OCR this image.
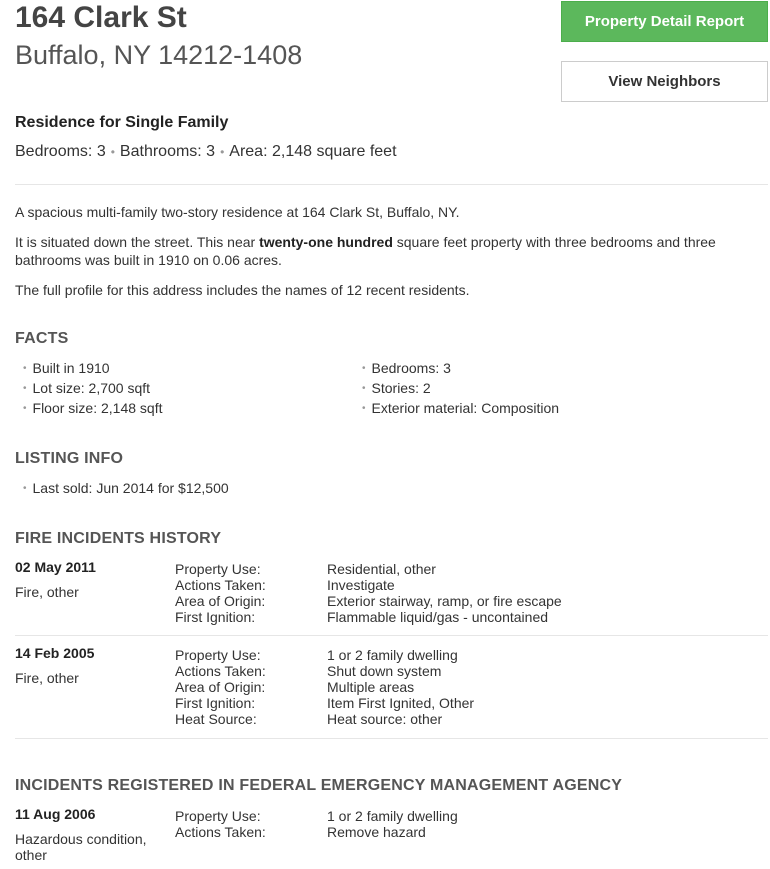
164 Clark St
Buffalo, NY 14212-1408
Property Detail Report
View Neighbors
Residence for Single Family
Bedrooms: 3 • Bathrooms: 3 • Area: 2,148 square feet
A spacious multi-family two-story residence at 164 Clark St, Buffalo, NY.
It is situated down the street. This near twenty-one hundred square feet property with three bedrooms and three bathrooms was built in 1910 on 0.06 acres.
The full profile for this address includes the names of 12 recent residents.
FACTS
• Built in 1910
• Lot size: 2,700 sqft
• Floor size: 2,148 sqft
• Bedrooms: 3
• Stories: 2
• Exterior material: Composition
LISTING INFO
• Last sold: Jun 2014 for $12,500
FIRE INCIDENTS HISTORY
02 May 2011
Fire, other
Property Use:
Actions Taken:
Area of Origin:
First Ignition:
Residential, other
Investigate
Exterior stairway, ramp, or fire escape
Flammable liquid/gas - uncontained
14 Feb 2005
Fire, other
Property Use:
Actions Taken:
Area of Origin:
First Ignition:
Heat Source:
1 or 2 family dwelling
Shut down system
Multiple areas
Item First Ignited, Other
Heat source: other
INCIDENTS REGISTERED IN FEDERAL EMERGENCY MANAGEMENT AGENCY
11 Aug 2006
Hazardous condition,
other
Property Use:
Actions Taken:
1 or 2 family dwelling
Remove hazard
